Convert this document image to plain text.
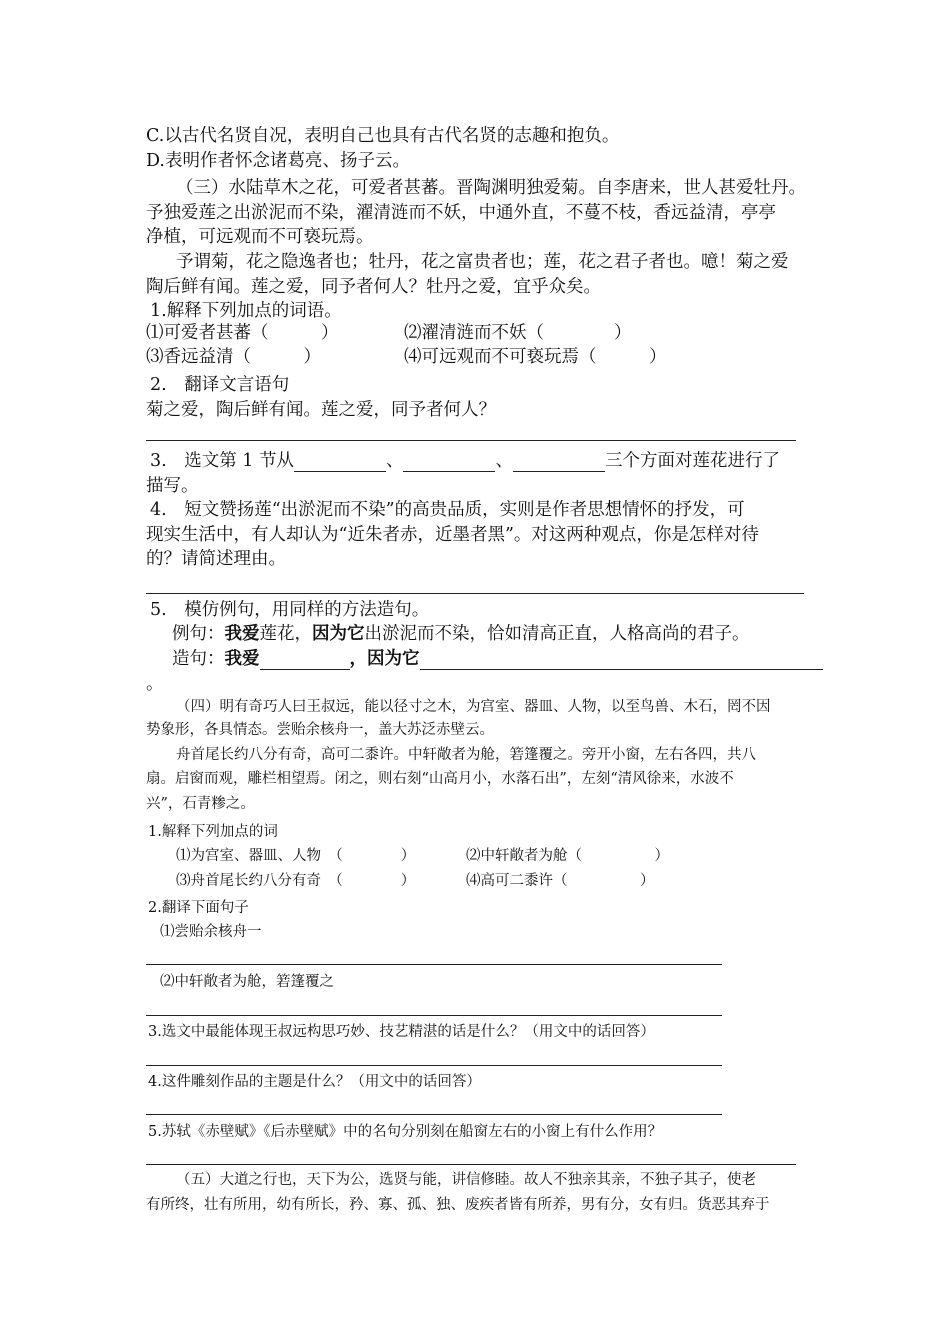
C.以古代名贤自况，表明自己也具有古代名贤的志趣和抱负。
D.表明作者怀念诸葛亮、扬子云。
（三）水陆草木之花，可爱者甚蕃。晋陶渊明独爱菊。自李唐来，世人甚爱牡丹。
予独爱莲之出淤泥而不染，濯清涟而不妖，中通外直，不蔓不枝，香远益清，亭亭
净植，可远观而不可亵玩焉。
予谓菊，花之隐逸者也；牡丹，花之富贵者也；莲，花之君子者也。噫！菊之爱
陶后鲜有闻。莲之爱，同予者何人？牡丹之爱，宜乎众矣。
1.解释下列加点的词语。
⑴可爱者甚蕃（　　　）	⑵濯清涟而不妖（　　　　）
⑶香远益清（　　　）	⑷可远观而不可亵玩焉（　　　）
2.　翻译文言语句
菊之爱，陶后鲜有闻。莲之爱，同予者何人？
3.　选文第 1 节从	、	、	三个方面对莲花进行了
描写。
4.　短文赞扬莲“出淤泥而不染”的高贵品质，实则是作者思想情怀的抒发，可
现实生活中，有人却认为“近朱者赤，近墨者黑”。对这两种观点，你是怎样对待
的？请简述理由。
5.　模仿例句，用同样的方法造句。
例句：我爱莲花，因为它出淤泥而不染，恰如清高正直，人格高尚的君子。
造句：我爱	，因为它
。
（四）明有奇巧人曰王叔远，能以径寸之木，为宫室、器皿、人物，以至鸟兽、木石，罔不因
势象形，各具情态。尝贻余核舟一，盖大苏泛赤壁云。
舟首尾长约八分有奇，高可二黍许。中轩敞者为舱，箬篷覆之。旁开小窗，左右各四，共八
扇。启窗而观，雕栏相望焉。闭之，则右刻“山高月小，水落石出”，左刻“清风徐来，水波不
兴”，石青糁之。
1.解释下列加点的词
⑴为宫室、器皿、人物　（　　　　）	⑵中轩敞者为舱（　　　　　）
⑶舟首尾长约八分有奇　（　　　　）	⑷高可二黍许（　　　　　）
2.翻译下面句子
⑴尝贻余核舟一
⑵中轩敞者为舱，箬篷覆之
3.选文中最能体现王叔远构思巧妙、技艺精湛的话是什么？（用文中的话回答）
4.这件雕刻作品的主题是什么？（用文中的话回答）
5.苏轼《赤壁赋》《后赤壁赋》中的名句分别刻在船窗左右的小窗上有什么作用？
（五）大道之行也，天下为公，选贤与能，讲信修睦。故人不独亲其亲，不独子其子，使老
有所终，壮有所用，幼有所长，矜、寡、孤、独、废疾者皆有所养，男有分，女有归。货恶其弃于
